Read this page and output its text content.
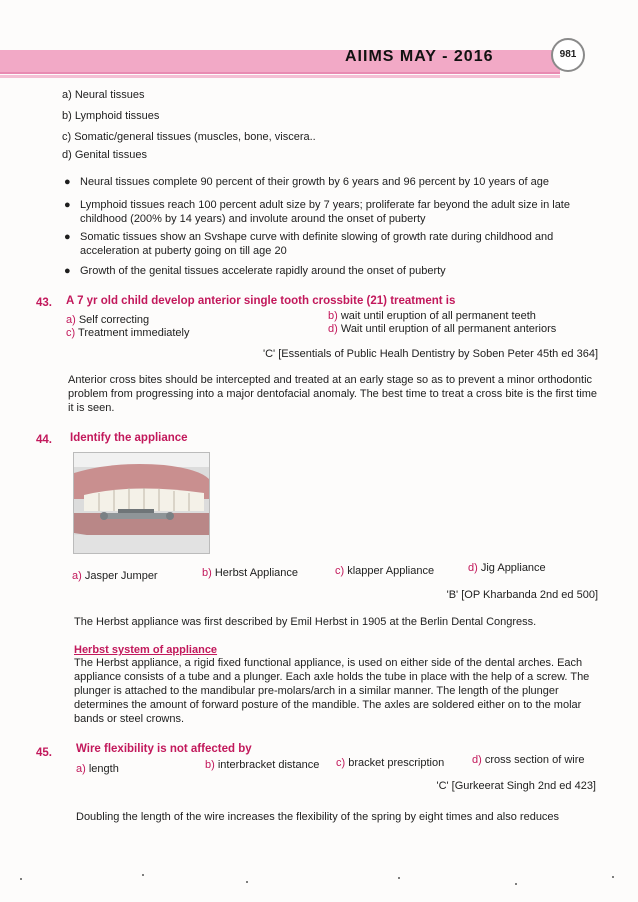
AIIMS MAY - 2016	981
a) Neural tissues
b) Lymphoid tissues
c) Somatic/general tissues (muscles, bone, viscera..
d) Genital tissues
● Neural tissues complete 90 percent of their growth by 6 years and 96 percent by 10 years of age
● Lymphoid tissues reach 100 percent adult size by 7 years; proliferate far beyond the adult size in late childhood (200% by 14 years) and involute around the onset of puberty
● Somatic tissues show an Svshape curve with definite slowing of growth rate during childhood and acceleration at puberty going on till age 20
● Growth of the genital tissues accelerate rapidly around the onset of puberty
43. A 7 yr old child develop anterior single tooth crossbite (21) treatment is
a) Self correcting	b) wait until eruption of all permanent teeth
c) Treatment immediately	d) Wait until eruption of all permanent anteriors
'C' [Essentials of Public Healh Dentistry by Soben Peter 45th ed 364]
Anterior cross bites should be intercepted and treated at an early stage so as to prevent a minor orthodontic problem from progressing into a major dentofacial anomaly. The best time to treat a cross bite is the first time it is seen.
44. Identify the appliance
a) Jasper Jumper	b) Herbst Appliance	c) klapper Appliance	d) Jig Appliance
'B' [OP Kharbanda 2nd ed 500]
The Herbst appliance was first described by Emil Herbst in 1905 at the Berlin Dental Congress.
Herbst system of appliance
The Herbst appliance, a rigid fixed functional appliance, is used on either side of the dental arches. Each appliance consists of a tube and a plunger. Each axle holds the tube in place with the help of a screw. The plunger is attached to the mandibular pre-molars/arch in a similar manner. The length of the plunger determines the amount of forward posture of the mandible. The axles are soldered either on to the molar bands or steel crowns.
45. Wire flexibility is not affected by
a) length	b) interbracket distance c) bracket prescription	d) cross section of wire
'C' [Gurkeerat Singh 2nd ed 423]
Doubling the length of the wire increases the flexibility of the spring by eight times and also reduces
